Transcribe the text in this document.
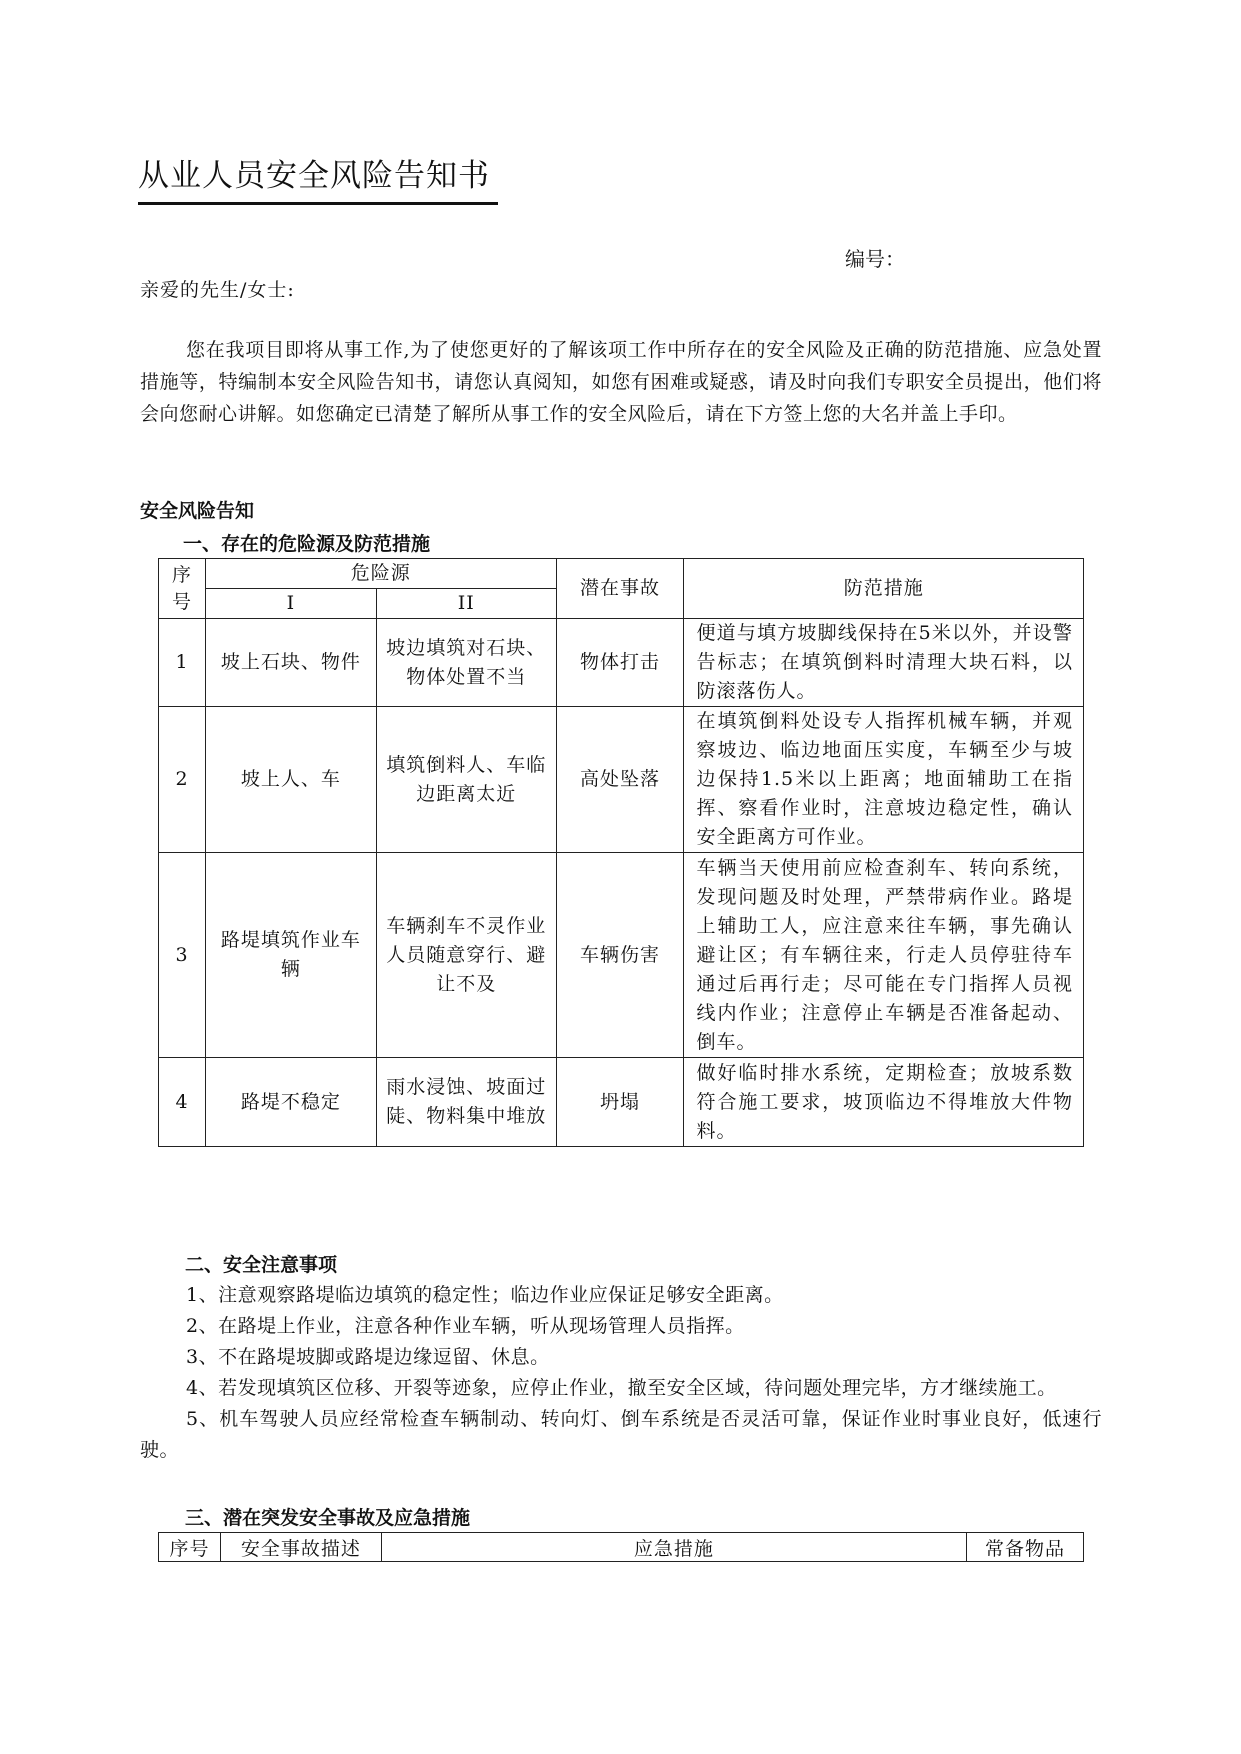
从业人员安全风险告知书
编号：
亲爱的先生/女士:
您在我项目即将从事工作,为了使您更好的了解该项工作中所存在的安全风险及正确的防范措施、应急处置措施等，特编制本安全风险告知书，请您认真阅知，如您有困难或疑惑，请及时向我们专职安全员提出，他们将会向您耐心讲解。如您确定已清楚了解所从事工作的安全风险后，请在下方签上您的大名并盖上手印。
安全风险告知
一、存在的危险源及防范措施
序号	危险源		潜在事故	防范措施
	I	II		
1	坡上石块、物件	坡边填筑对石块、物体处置不当	物体打击	便道与填方坡脚线保持在5米以外，并设警告标志；在填筑倒料时清理大块石料，以防滚落伤人。
2	坡上人、车	填筑倒料人、车临边距离太近	高处坠落	在填筑倒料处设专人指挥机械车辆，并观察坡边、临边地面压实度，车辆至少与坡边保持1.5米以上距离；地面辅助工在指挥、察看作业时，注意坡边稳定性，确认安全距离方可作业。
3	路堤填筑作业车辆	车辆刹车不灵作业人员随意穿行、避让不及	车辆伤害	车辆当天使用前应检查刹车、转向系统，发现问题及时处理，严禁带病作业。路堤上辅助工人，应注意来往车辆，事先确认避让区；有车辆往来，行走人员停驻待车通过后再行走；尽可能在专门指挥人员视线内作业；注意停止车辆是否准备起动、倒车。
4	路堤不稳定	雨水浸蚀、坡面过陡、物料集中堆放	坍塌	做好临时排水系统，定期检查；放坡系数符合施工要求，坡顶临边不得堆放大件物料。
二、安全注意事项

1、注意观察路堤临边填筑的稳定性；临边作业应保证足够安全距离。

2、在路堤上作业，注意各种作业车辆，听从现场管理人员指挥。

3、不在路堤坡脚或路堤边缘逗留、休息。

4、若发现填筑区位移、开裂等迹象，应停止作业，撤至安全区域，待问题处理完毕，方才继续施工。

5、机车驾驶人员应经常检查车辆制动、转向灯、倒车系统是否灵活可靠，保证作业时事业良好，低速行驶。

三、潜在突发安全事故及应急措施
序号	安全事故描述	应急措施	常备物品
